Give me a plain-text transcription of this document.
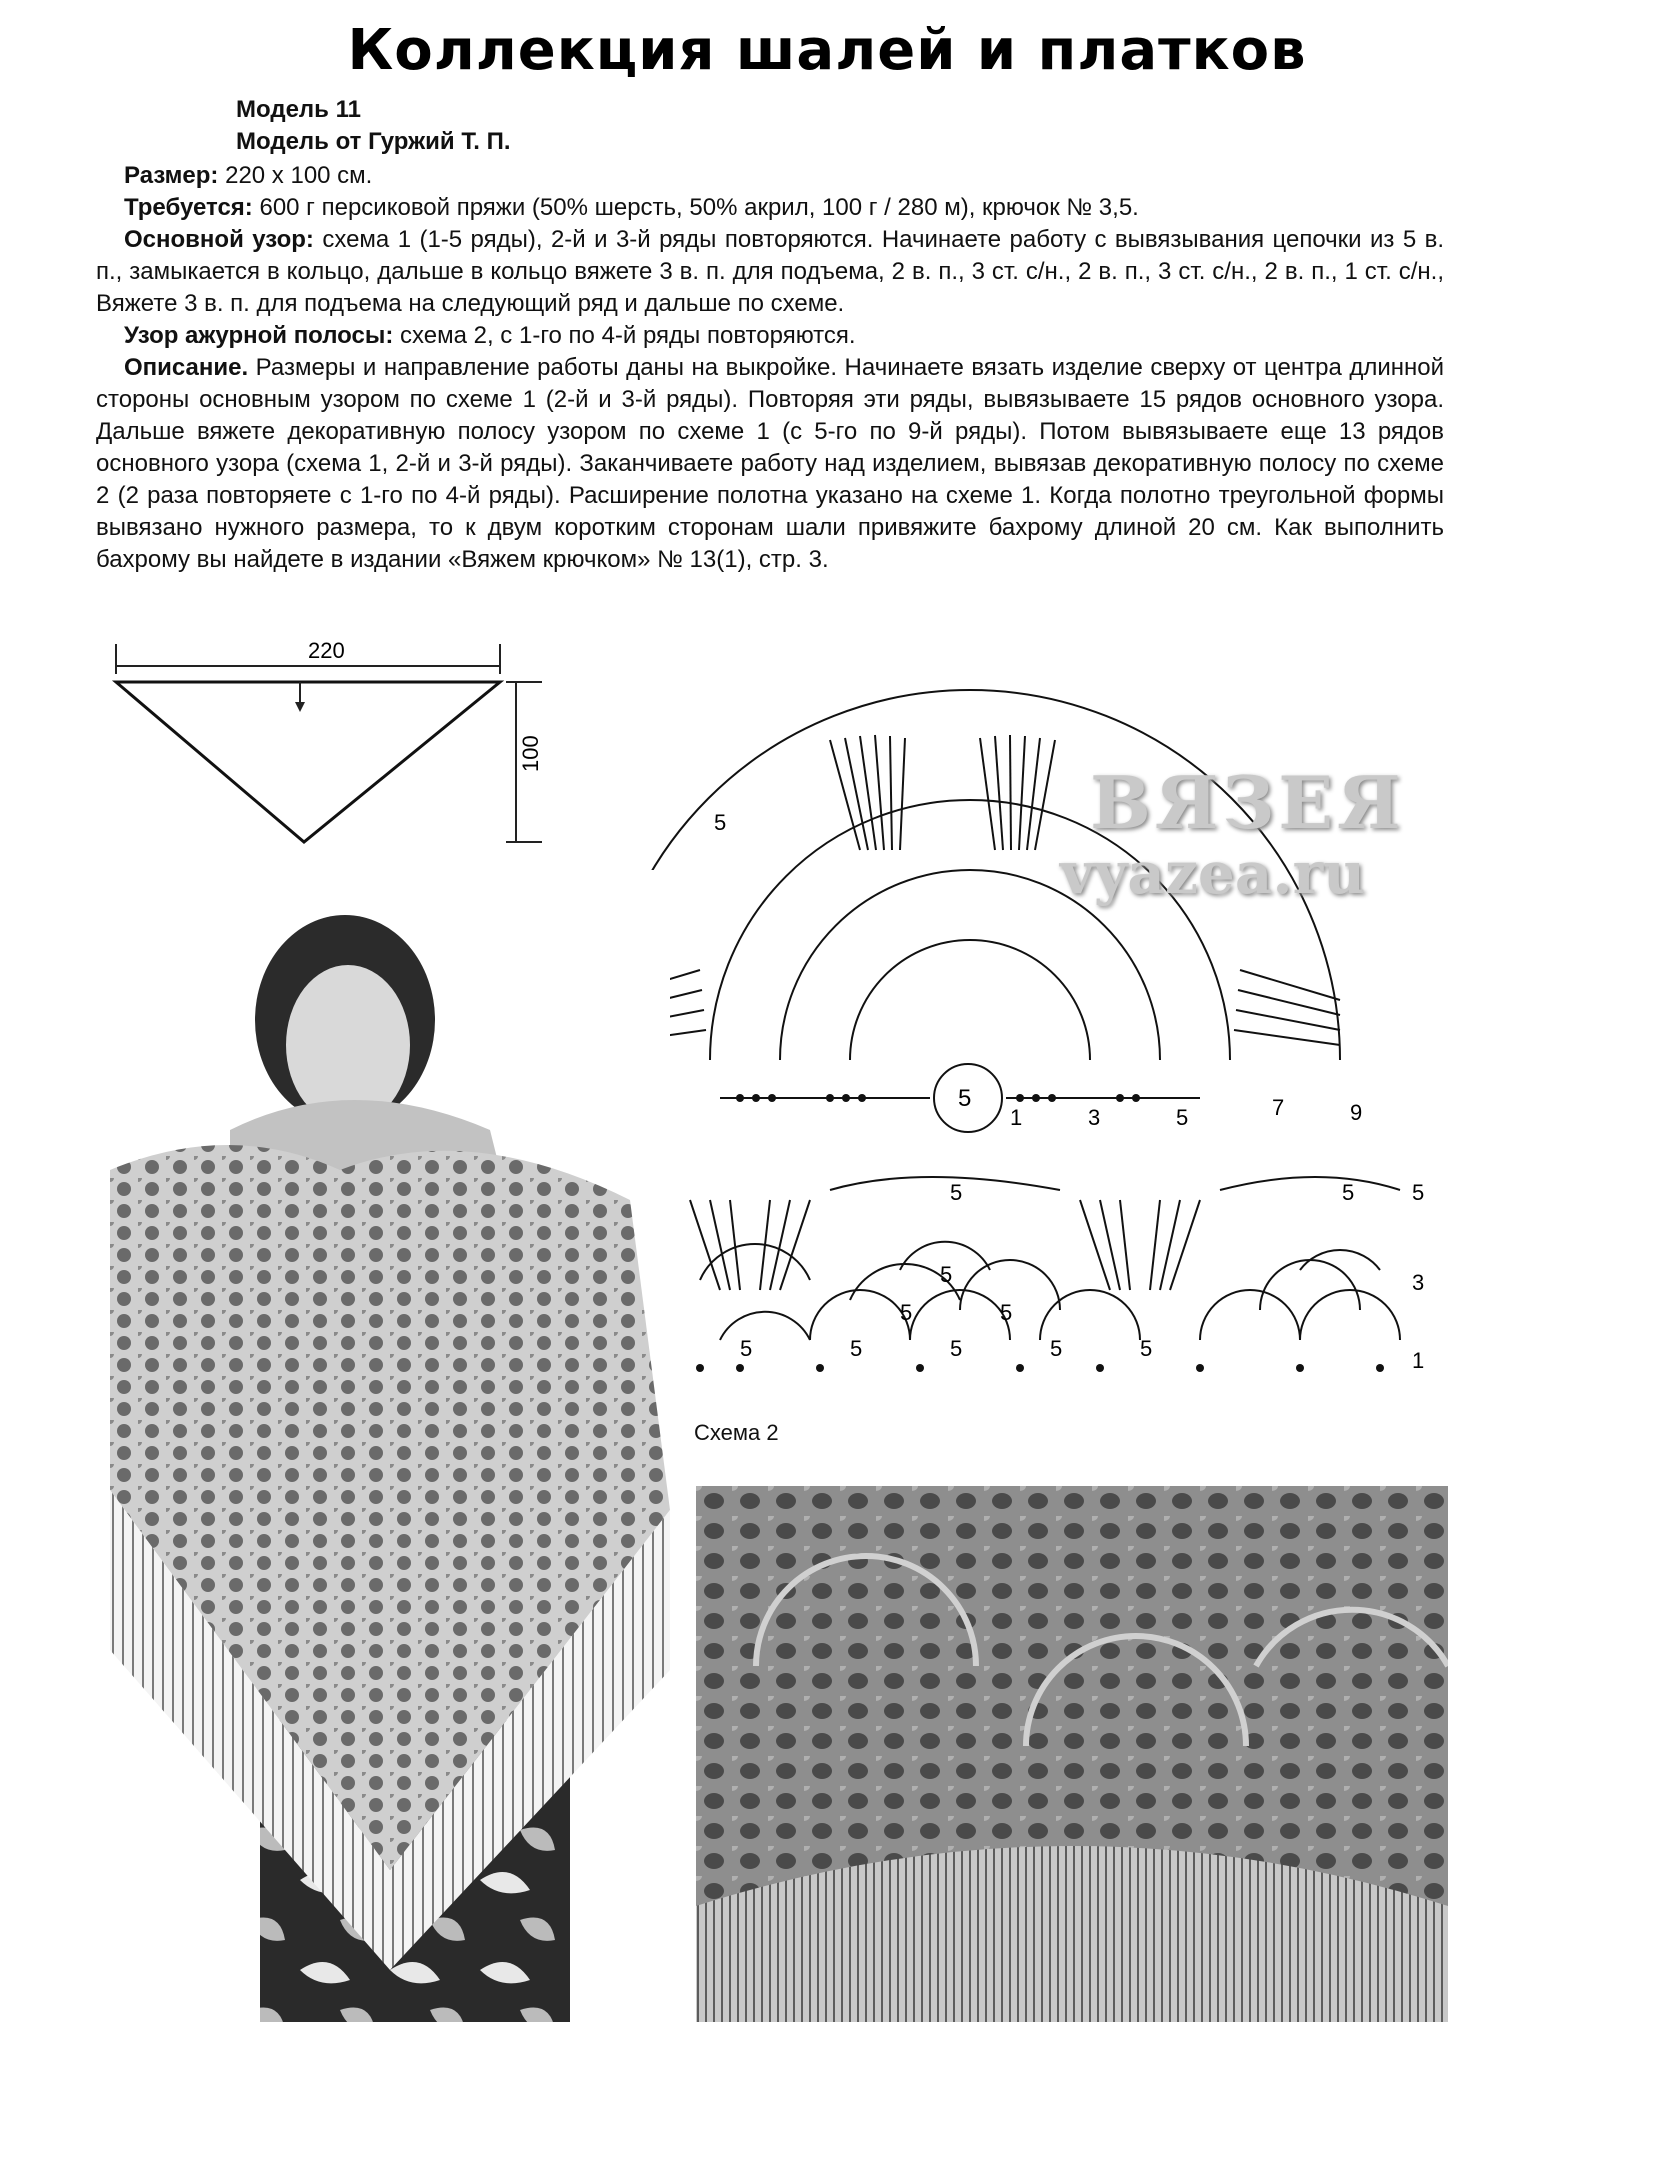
Коллекция шалей и платков
Модель 11
Модель от Гуржий Т. П.

Размер: 220 х 100 см.

Требуется: 600 г персиковой пряжи (50% шерсть, 50% акрил, 100 г / 280 м), крючок № 3,5.

Основной узор: схема 1 (1-5 ряды), 2-й и 3-й ряды повторяются. Начинаете работу с вывязывания цепочки из 5 в. п., замыкается в кольцо, дальше в кольцо вяжете 3 в. п. для подъема, 2 в. п., 3 ст. с/н., 2 в. п., 3 ст. с/н., 2 в. п., 1 ст. с/н., Вяжете 3 в. п. для подъема на следующий ряд и дальше по схеме.

Узор ажурной полосы: схема 2, с 1-го по 4-й ряды повторяются.

Описание. Размеры и направление работы даны на выкройке. Начинаете вязать изделие сверху от центра длинной стороны основным узором по схеме 1 (2-й и 3-й ряды). Повторяя эти ряды, вывязываете 15 рядов основного узора. Дальше вяжете декоративную полосу узором по схеме 1 (с 5-го по 9-й ряды). Потом вывязываете еще 13 рядов основного узора (схема 1, 2-й и 3-й ряды). Заканчиваете работу над изделием, вывязав декоративную полосу по схеме 2 (2 раза повторяете с 1-го по 4-й ряды). Расширение полотна указано на схеме 1. Когда полотно треугольной формы вывязано нужного размера, то к двум коротким сторонам шали привяжите бахрому длиной 20 см. Как выполнить бахрому вы найдете в издании «Вяжем крючком» № 13(1), стр. 3.

220
100
5
5
1	3	5	7	9
5	5
5
5	5
5	5	5
5	5
5
3
1
Схема 2
ВЯЗЕЯ
vyazea.ru
